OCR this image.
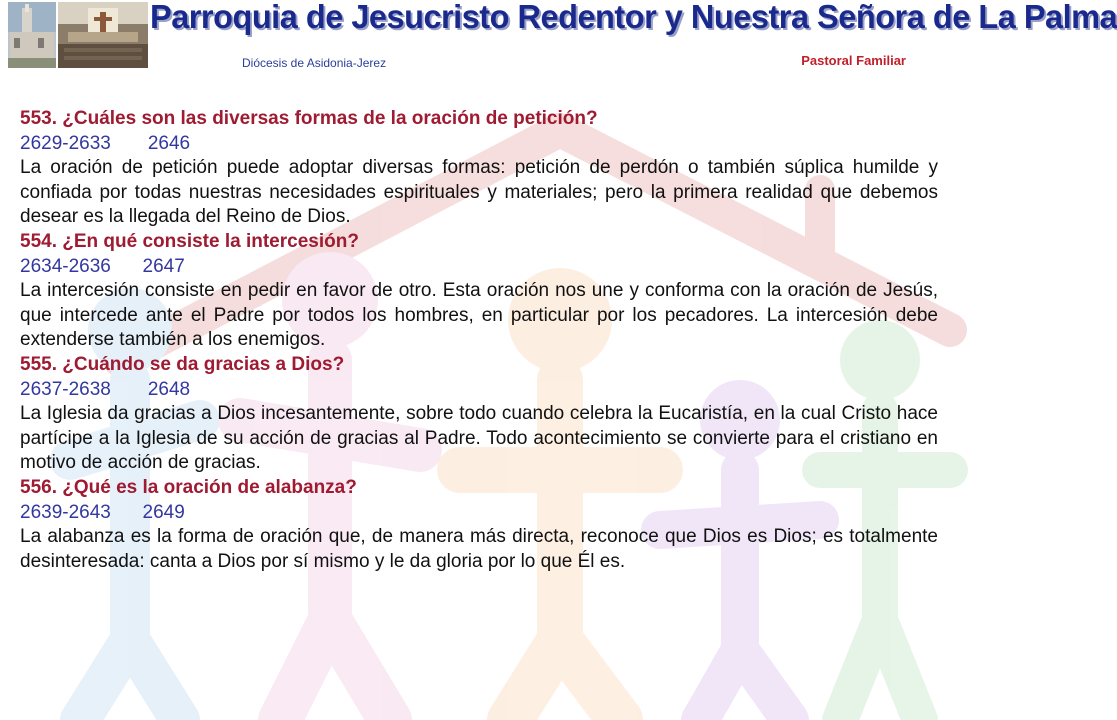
Parroquia de Jesucristo Redentor y Nuestra Señora de La Palma
Diócesis de Asidonia-Jerez	Pastoral Familiar
553. ¿Cuáles son las diversas formas de la oración de petición?
2629-2633       2646
La oración de petición puede adoptar diversas formas: petición de perdón o también súplica humilde y confiada por todas nuestras necesidades espirituales y materiales; pero la primera realidad que debemos desear es la llegada del Reino de Dios.
554. ¿En qué consiste la intercesión?
2634-2636      2647
La intercesión consiste en pedir en favor de otro. Esta oración nos une y conforma con la oración de Jesús, que intercede ante el Padre por todos los hombres, en particular por los pecadores. La intercesión debe extenderse también a los enemigos.
555. ¿Cuándo se da gracias a Dios?
2637-2638       2648
La Iglesia da gracias a Dios incesantemente, sobre todo cuando celebra la Eucaristía, en la cual Cristo hace partícipe a la Iglesia de su acción de gracias al Padre. Todo acontecimiento se convierte para el cristiano en motivo de acción de gracias.
556. ¿Qué es la oración de alabanza?
2639-2643      2649
La alabanza es la forma de oración que, de manera más directa, reconoce que Dios es Dios; es totalmente desinteresada: canta a Dios por sí mismo y le da gloria por lo que Él es.
